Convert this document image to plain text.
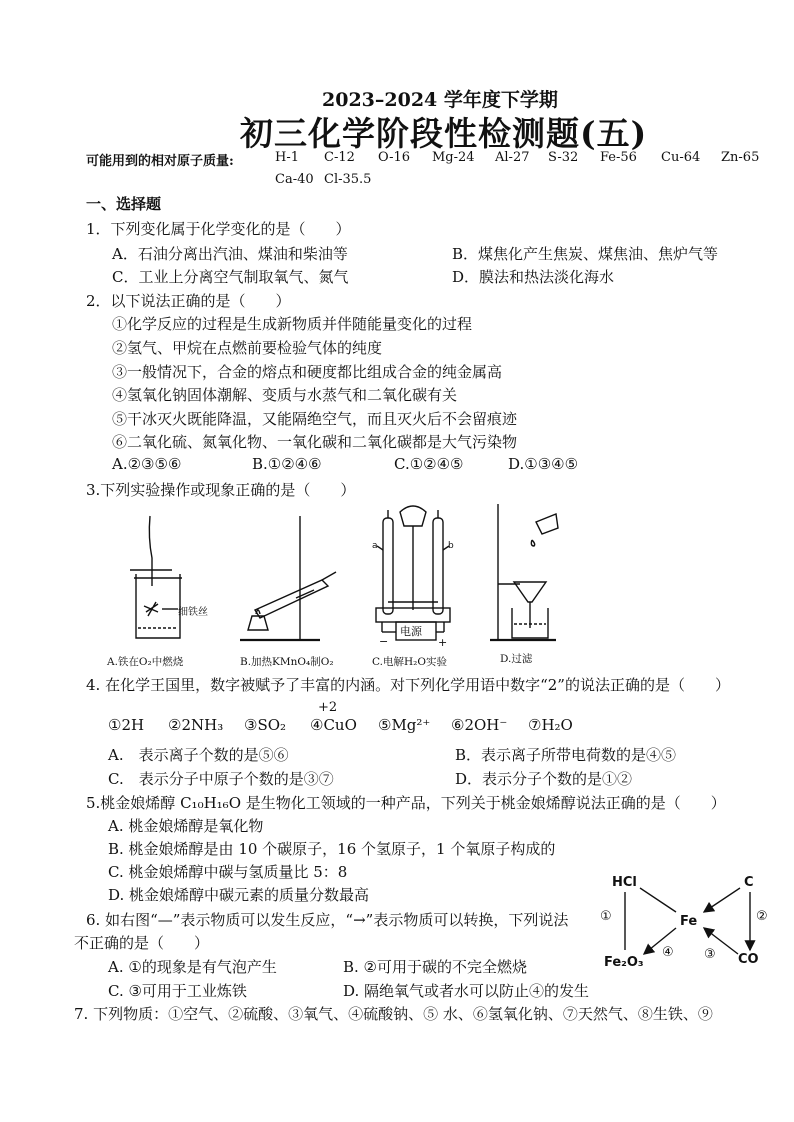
2023–2024 学年度下学期
初三化学阶段性检测题(五)
可能用到的相对原子质量:	H-1 C-12 O-16 Mg-24 Al-27 S-32 Fe-56 Cu-64 Zn-65
Ca-40 Cl-35.5
一、选择题
1．下列变化属于化学变化的是（　　）
A．石油分离出汽油、煤油和柴油等	B．煤焦化产生焦炭、煤焦油、焦炉气等
C．工业上分离空气制取氧气、氮气	D．膜法和热法淡化海水
2．以下说法正确的是（　　）
①化学反应的过程是生成新物质并伴随能量变化的过程
②氢气、甲烷在点燃前要检验气体的纯度
③一般情况下，合金的熔点和硬度都比组成合金的纯金属高
④氢氧化钠固体潮解、变质与水蒸气和二氧化碳有关
⑤干冰灭火既能降温，又能隔绝空气，而且灭火后不会留痕迹
⑥二氧化硫、氮氧化物、一氧化碳和二氧化碳都是大气污染物
A.②③⑤⑥	B.①②④⑥	C.①②④⑤	D.①③④⑤
3.下列实验操作或现象正确的是（　　）
细铁丝
a	b
电源
−	+
A.铁在O₂中燃烧	B.加热KMnO₄制O₂	C.电解H₂O实验	D.过滤
4. 在化学王国里，数字被赋予了丰富的内涵。对下列化学用语中数字“2”的说法正确的是（　　）
+2
①2H ②2NH₃ ③SO₂ ④CuO ⑤Mg²⁺ ⑥2OH⁻ ⑦H₂O
A.　表示离子个数的是⑤⑥	B．表示离子所带电荷数的是④⑤
C.　表示分子中原子个数的是③⑦	D．表示分子个数的是①②
5.桃金娘烯醇 C₁₀H₁₆O 是生物化工领域的一种产品，下列关于桃金娘烯醇说法正确的是（　　）
A. 桃金娘烯醇是氧化物
B. 桃金娘烯醇是由 10 个碳原子，16 个氢原子，1 个氧原子构成的
C. 桃金娘烯醇中碳与氢质量比 5：8
D. 桃金娘烯醇中碳元素的质量分数最高
6. 如右图“—”表示物质可以发生反应，“→”表示物质可以转换，下列说法
不正确的是（　　）
A. ①的现象是有气泡产生	B. ②可用于碳的不完全燃烧
C. ③可用于工业炼铁	D. 隔绝氧气或者水可以防止④的发生
HCl	C
Fe
Fe₂O₃	CO
①	②
③
④
7. 下列物质：①空气、②硫酸、③氧气、④硫酸钠、⑤ 水、⑥氢氧化钠、⑦天然气、⑧生铁、⑨
